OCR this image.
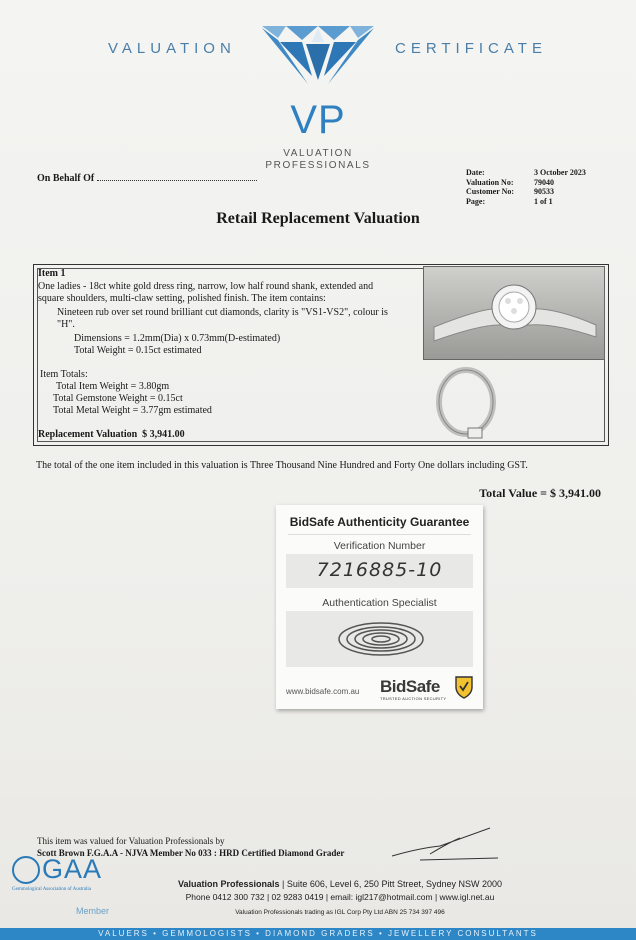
VALUATION	CERTIFICATE
VP
VALUATION
PROFESSIONALS
On Behalf Of
Date:	3 October 2023
Valuation No:	79040
Customer No:	90533
Page:	1 of 1
Retail Replacement Valuation
Item 1
One ladies - 18ct white gold dress ring, narrow, low half round shank, extended and
square shoulders, multi-claw setting, polished finish. The item contains:
Nineteen rub over set round brilliant cut diamonds, clarity is "VS1-VS2", colour is
"H".
Dimensions = 1.2mm(Dia) x 0.73mm(D-estimated)
Total Weight = 0.15ct estimated
Item Totals:
Total Item Weight = 3.80gm
Total Gemstone Weight = 0.15ct
Total Metal Weight = 3.77gm estimated
Replacement Valuation $ 3,941.00
The total of the one item included in this valuation is Three Thousand Nine Hundred and Forty One dollars including GST.
Total Value = $ 3,941.00
BidSafe Authenticity Guarantee
Verification Number
7216885-10
Authentication Specialist
www.bidsafe.com.au BidSafe
TRUSTED AUCTION SECURITY
This item was valued for Valuation Professionals by
Scott Brown F.G.A.A - NJVA Member No 033 : HRD Certified Diamond Grader
GAA
Gemmological Association of Australia
Member
Valuation Professionals | Suite 606, Level 6, 250 Pitt Street, Sydney NSW 2000
Phone 0412 300 732 | 02 9283 0419 | email: igl217@hotmail.com | www.igl.net.au
Valuation Professionals trading as IGL Corp Pty Ltd ABN 25 734 397 496
VALUERS • GEMMOLOGISTS • DIAMOND GRADERS • JEWELLERY CONSULTANTS
